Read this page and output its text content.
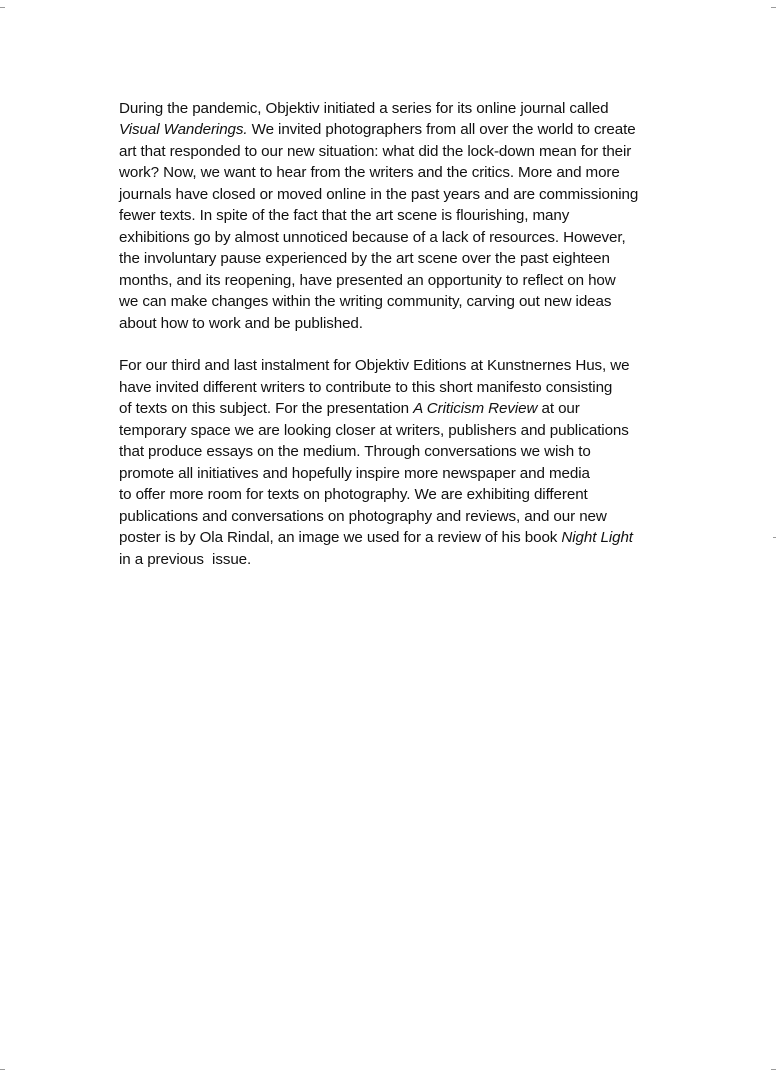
During the pandemic, Objektiv initiated a series for its online journal called
Visual Wanderings. We invited photographers from all over the world to create
art that responded to our new situation: what did the lock-down mean for their
work? Now, we want to hear from the writers and the critics. More and more
journals have closed or moved online in the past years and are commissioning
fewer texts. In spite of the fact that the art scene is flourishing, many
exhibitions go by almost unnoticed because of a lack of resources. However,
the involuntary pause experienced by the art scene over the past eighteen
months, and its reopening, have presented an opportunity to reflect on how
we can make changes within the writing community, carving out new ideas
about how to work and be published.
For our third and last instalment for Objektiv Editions at Kunstnernes Hus, we
have invited different writers to contribute to this short manifesto consisting
of texts on this subject. For the presentation A Criticism Review at our
temporary space we are looking closer at writers, publishers and publications
that produce essays on the medium. Through conversations we wish to
promote all initiatives and hopefully inspire more newspaper and media
to offer more room for texts on photography. We are exhibiting different
publications and conversations on photography and reviews, and our new
poster is by Ola Rindal, an image we used for a review of his book Night Light
in a previous  issue.
